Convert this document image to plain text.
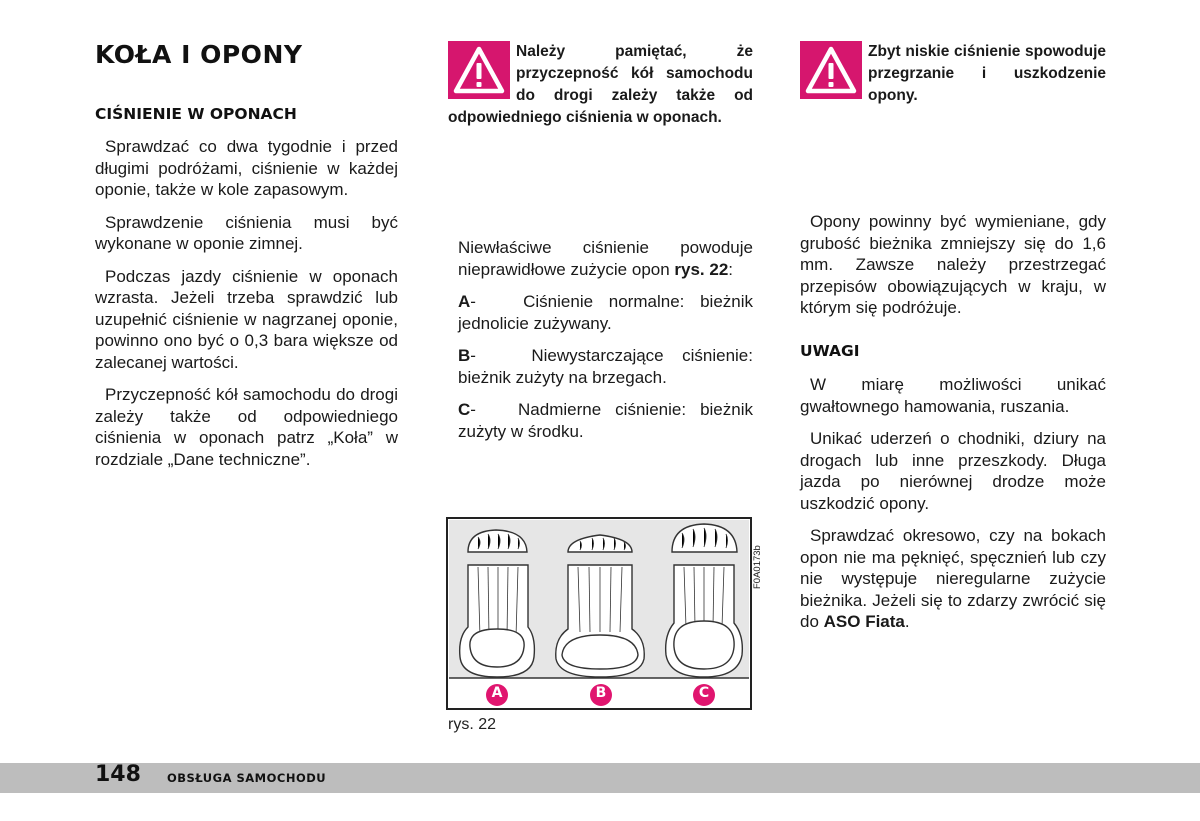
KOŁA I OPONY
CIŚNIENIE W OPONACH

Sprawdzać co dwa tygodnie i przed długimi podróżami, ciśnienie w każdej oponie, także w kole zapasowym.

Sprawdzenie ciśnienia musi być wykonane w oponie zimnej.

Podczas jazdy ciśnienie w oponach wzrasta. Jeżeli trzeba sprawdzić lub uzupełnić ciśnienie w nagrzanej oponie, powinno ono być o 0,3 bara większe od zalecanej wartości.

Przyczepność kół samochodu do drogi zależy także od odpowiedniego ciśnienia w oponach patrz „Koła” w rozdziale „Dane techniczne”.

Należy pamiętać, że przyczepność kół samochodu do drogi zależy także od odpowiedniego ciśnienia w oponach.

Niewłaściwe ciśnienie powoduje nieprawidłowe zużycie opon rys. 22:

A-   Ciśnienie normalne: bieżnik jednolicie zużywany.

B-   Niewystarczające ciśnienie: bieżnik zużyty na brzegach.

C-   Nadmierne ciśnienie: bieżnik zużyty w środku.

A	B	C
F0A0173b
rys. 22

Zbyt niskie ciśnienie spowoduje przegrzanie i uszkodzenie opony.

Opony powinny być wymieniane, gdy grubość bieżnika zmniejszy się do 1,6 mm. Zawsze należy przestrzegać przepisów obowiązujących w kraju, w którym się podróżuje.

UWAGI

W miarę możliwości unikać gwałtownego hamowania, ruszania.

Unikać uderzeń o chodniki, dziury na drogach lub inne przeszkody. Długa jazda po nierównej drodze może uszkodzić opony.

Sprawdzać okresowo, czy na bokach opon nie ma pęknięć, spęcznień lub czy nie występuje nieregularne zużycie bieżnika. Jeżeli się to zdarzy zwrócić się do ASO Fiata.

148 OBSŁUGA SAMOCHODU
